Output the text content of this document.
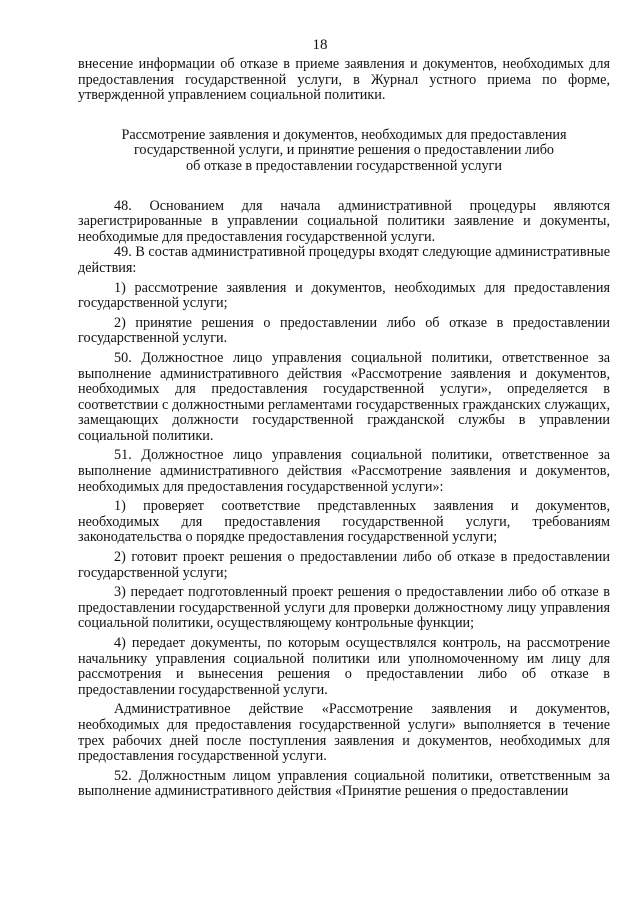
18

внесение информации об отказе в приеме заявления и документов, необходимых для предоставления государственной услуги, в Журнал устного приема по форме, утвержденной управлением социальной политики.

Рассмотрение заявления и документов, необходимых для предоставления

государственной услуги, и принятие решения о предоставлении либо

об отказе в предоставлении государственной услуги

48. Основанием для начала административной процедуры являются зарегистрированные в управлении социальной политики заявление и документы, необходимые для предоставления государственной услуги.

49. В состав административной процедуры входят следующие административные действия:

1) рассмотрение заявления и документов, необходимых для предоставления государственной услуги;

2) принятие решения о предоставлении либо об отказе в предоставлении государственной услуги.

50. Должностное лицо управления социальной политики, ответственное за выполнение административного действия «Рассмотрение заявления и документов, необходимых для предоставления государственной услуги», определяется в соответствии с должностными регламентами государственных гражданских служащих, замещающих должности государственной гражданской службы в управлении социальной политики.

51. Должностное лицо управления социальной политики, ответственное за выполнение административного действия «Рассмотрение заявления и документов, необходимых для предоставления государственной услуги»:

1) проверяет соответствие представленных заявления и документов, необходимых для предоставления государственной услуги, требованиям законодательства о порядке предоставления государственной услуги;

2) готовит проект решения о предоставлении либо об отказе в предоставлении государственной услуги;

3) передает подготовленный проект решения о предоставлении либо об отказе в предоставлении государственной услуги для проверки должностному лицу управления социальной политики, осуществляющему контрольные функции;

4) передает документы, по которым осуществлялся контроль, на рассмотрение начальнику управления социальной политики или уполномоченному им лицу для рассмотрения и вынесения решения о предоставлении либо об отказе в предоставлении государственной услуги.

Административное действие «Рассмотрение заявления и документов, необходимых для предоставления государственной услуги» выполняется в течение трех рабочих дней после поступления заявления и документов, необходимых для предоставления государственной услуги.

52. Должностным лицом управления социальной политики, ответственным за выполнение административного действия «Принятие решения о предоставлении
